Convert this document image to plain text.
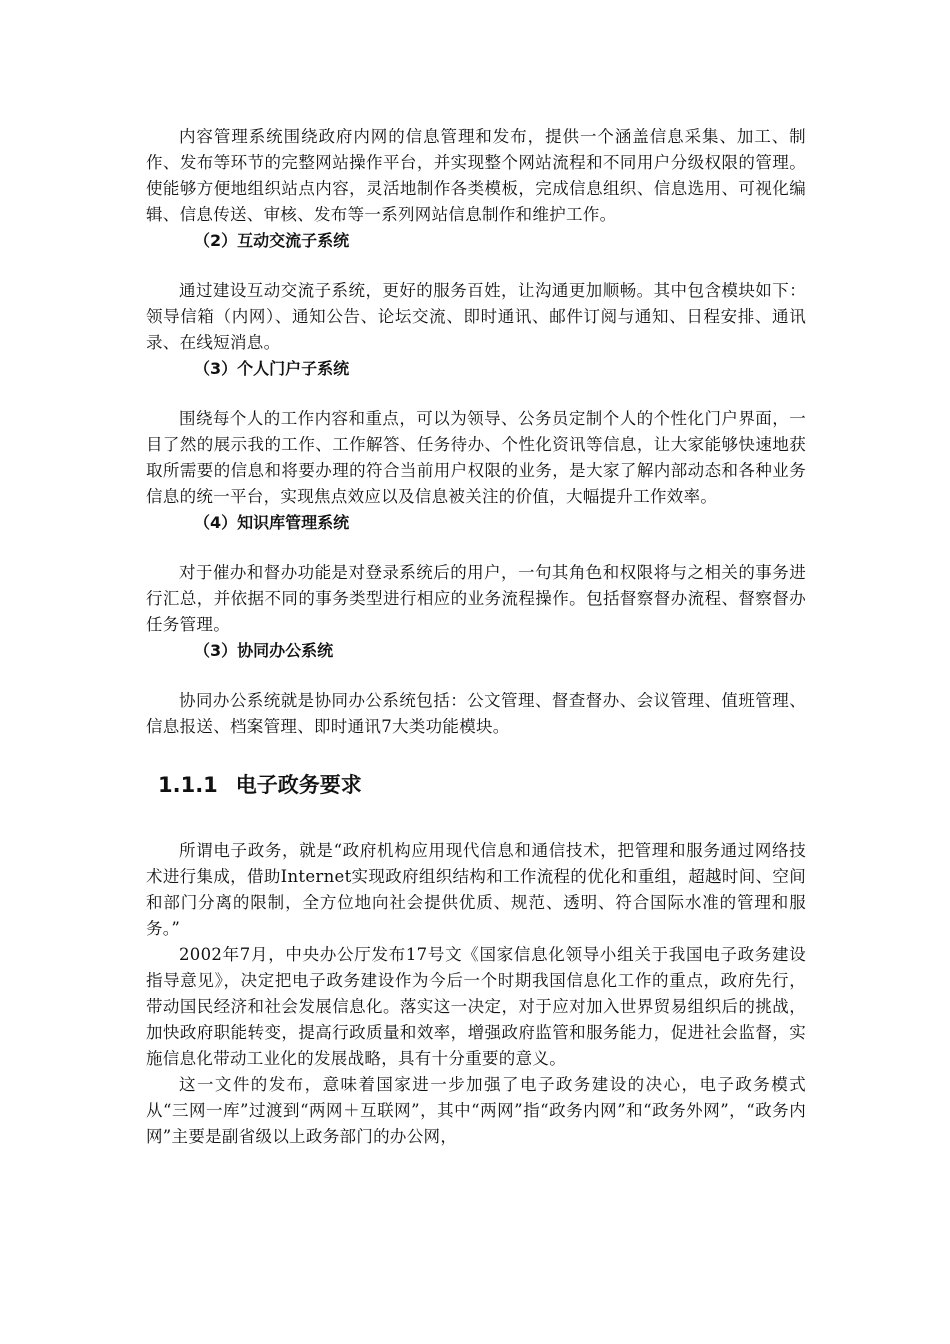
内容管理系统围绕政府内网的信息管理和发布，提供一个涵盖信息采集、加工、制作、发布等环节的完整网站操作平台，并实现整个网站流程和不同用户分级权限的管理。使能够方便地组织站点内容，灵活地制作各类模板，完成信息组织、信息选用、可视化编辑、信息传送、审核、发布等一系列网站信息制作和维护工作。

（2）互动交流子系统

通过建设互动交流子系统，更好的服务百姓，让沟通更加顺畅。其中包含模块如下：领导信箱（内网）、通知公告、论坛交流、即时通讯、邮件订阅与通知、日程安排、通讯录、在线短消息。

（3）个人门户子系统

围绕每个人的工作内容和重点，可以为领导、公务员定制个人的个性化门户界面，一目了然的展示我的工作、工作解答、任务待办、个性化资讯等信息，让大家能够快速地获取所需要的信息和将要办理的符合当前用户权限的业务，是大家了解内部动态和各种业务信息的统一平台，实现焦点效应以及信息被关注的价值，大幅提升工作效率。

（4）知识库管理系统

对于催办和督办功能是对登录系统后的用户，一句其角色和权限将与之相关的事务进行汇总，并依据不同的事务类型进行相应的业务流程操作。包括督察督办流程、督察督办任务管理。

（3）协同办公系统

协同办公系统就是协同办公系统包括：公文管理、督查督办、会议管理、值班管理、信息报送、档案管理、即时通讯7大类功能模块。

1.1.1 电子政务要求

所谓电子政务，就是“政府机构应用现代信息和通信技术，把管理和服务通过网络技术进行集成，借助Internet实现政府组织结构和工作流程的优化和重组，超越时间、空间和部门分离的限制，全方位地向社会提供优质、规范、透明、符合国际水准的管理和服务。”

2002年7月，中央办公厅发布17号文《国家信息化领导小组关于我国电子政务建设指导意见》，决定把电子政务建设作为今后一个时期我国信息化工作的重点，政府先行，带动国民经济和社会发展信息化。落实这一决定，对于应对加入世界贸易组织后的挑战，加快政府职能转变，提高行政质量和效率，增强政府监管和服务能力，促进社会监督，实施信息化带动工业化的发展战略，具有十分重要的意义。

这一文件的发布，意味着国家进一步加强了电子政务建设的决心，电子政务模式从“三网一库”过渡到“两网＋互联网”，其中“两网”指“政务内网”和“政务外网”，“政务内网”主要是副省级以上政务部门的办公网，
